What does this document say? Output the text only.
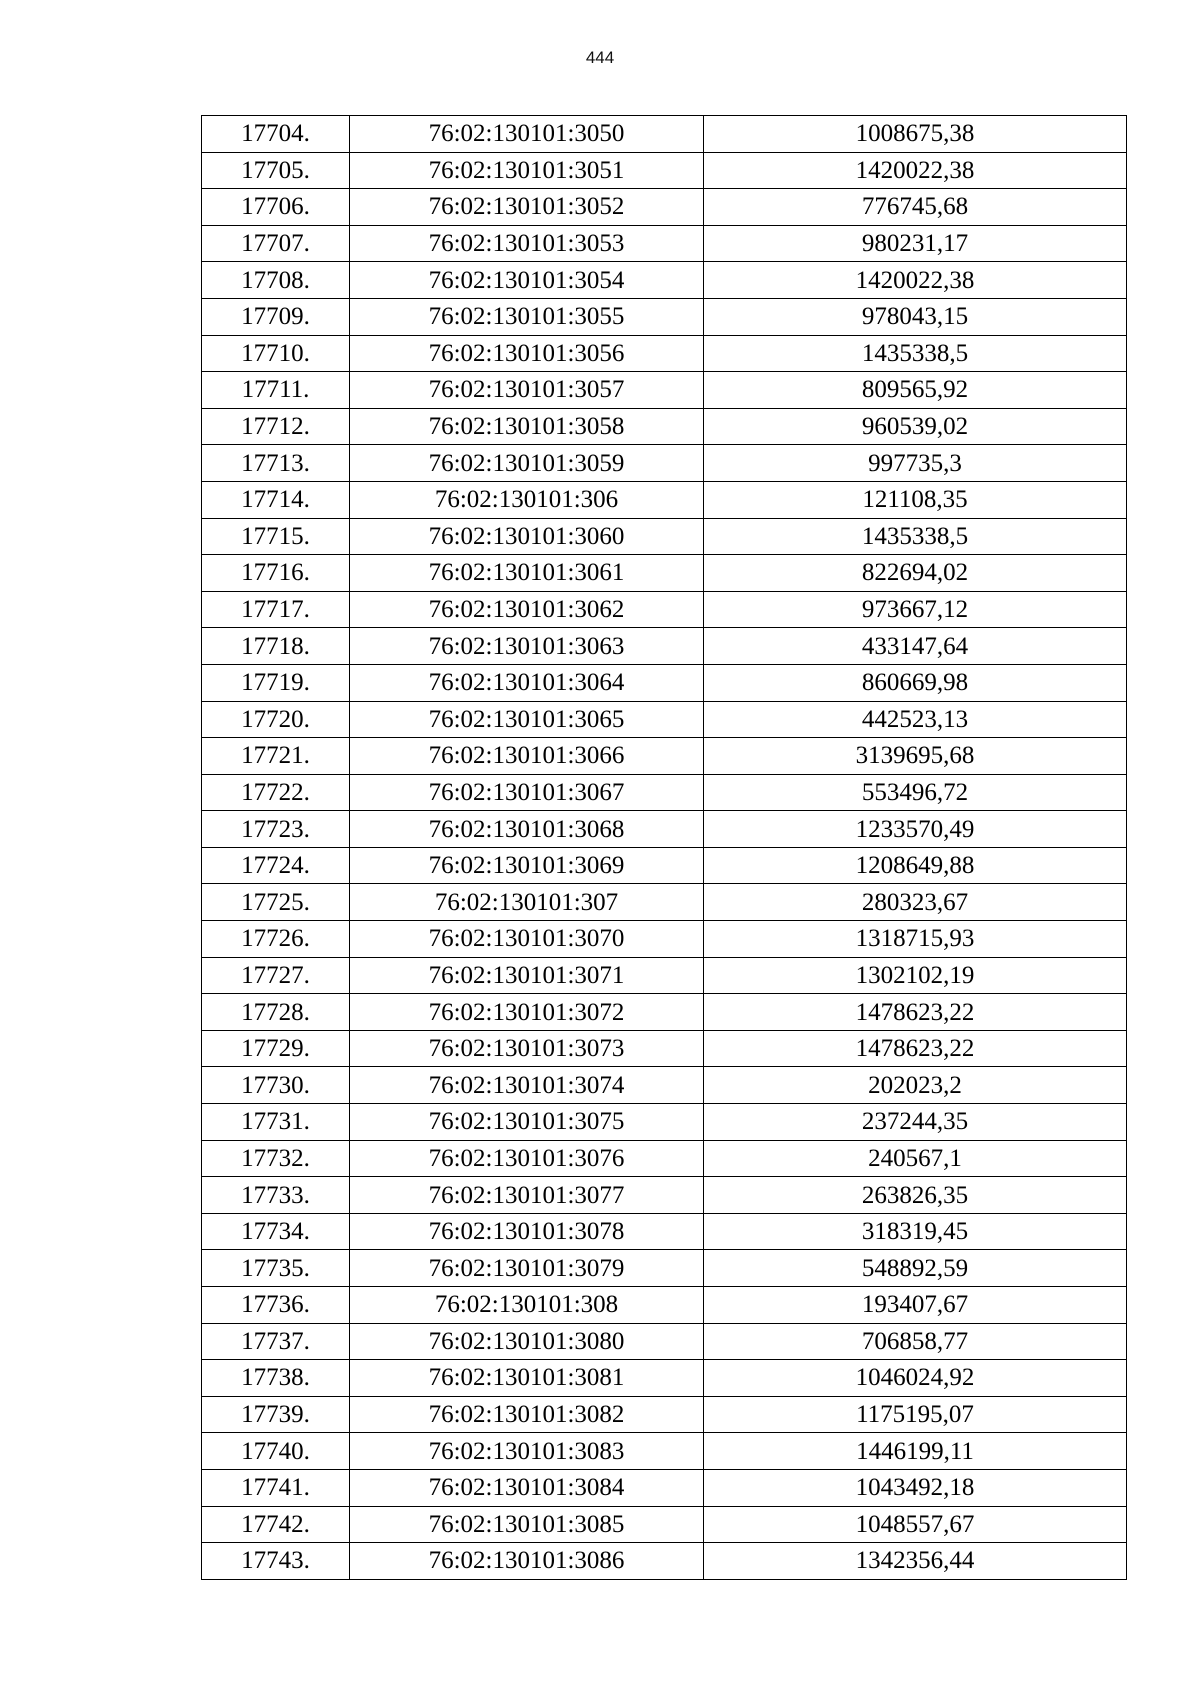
444
17704.	76:02:130101:3050	1008675,38
17705.	76:02:130101:3051	1420022,38
17706.	76:02:130101:3052	776745,68
17707.	76:02:130101:3053	980231,17
17708.	76:02:130101:3054	1420022,38
17709.	76:02:130101:3055	978043,15
17710.	76:02:130101:3056	1435338,5
17711.	76:02:130101:3057	809565,92
17712.	76:02:130101:3058	960539,02
17713.	76:02:130101:3059	997735,3
17714.	76:02:130101:306	121108,35
17715.	76:02:130101:3060	1435338,5
17716.	76:02:130101:3061	822694,02
17717.	76:02:130101:3062	973667,12
17718.	76:02:130101:3063	433147,64
17719.	76:02:130101:3064	860669,98
17720.	76:02:130101:3065	442523,13
17721.	76:02:130101:3066	3139695,68
17722.	76:02:130101:3067	553496,72
17723.	76:02:130101:3068	1233570,49
17724.	76:02:130101:3069	1208649,88
17725.	76:02:130101:307	280323,67
17726.	76:02:130101:3070	1318715,93
17727.	76:02:130101:3071	1302102,19
17728.	76:02:130101:3072	1478623,22
17729.	76:02:130101:3073	1478623,22
17730.	76:02:130101:3074	202023,2
17731.	76:02:130101:3075	237244,35
17732.	76:02:130101:3076	240567,1
17733.	76:02:130101:3077	263826,35
17734.	76:02:130101:3078	318319,45
17735.	76:02:130101:3079	548892,59
17736.	76:02:130101:308	193407,67
17737.	76:02:130101:3080	706858,77
17738.	76:02:130101:3081	1046024,92
17739.	76:02:130101:3082	1175195,07
17740.	76:02:130101:3083	1446199,11
17741.	76:02:130101:3084	1043492,18
17742.	76:02:130101:3085	1048557,67
17743.	76:02:130101:3086	1342356,44
